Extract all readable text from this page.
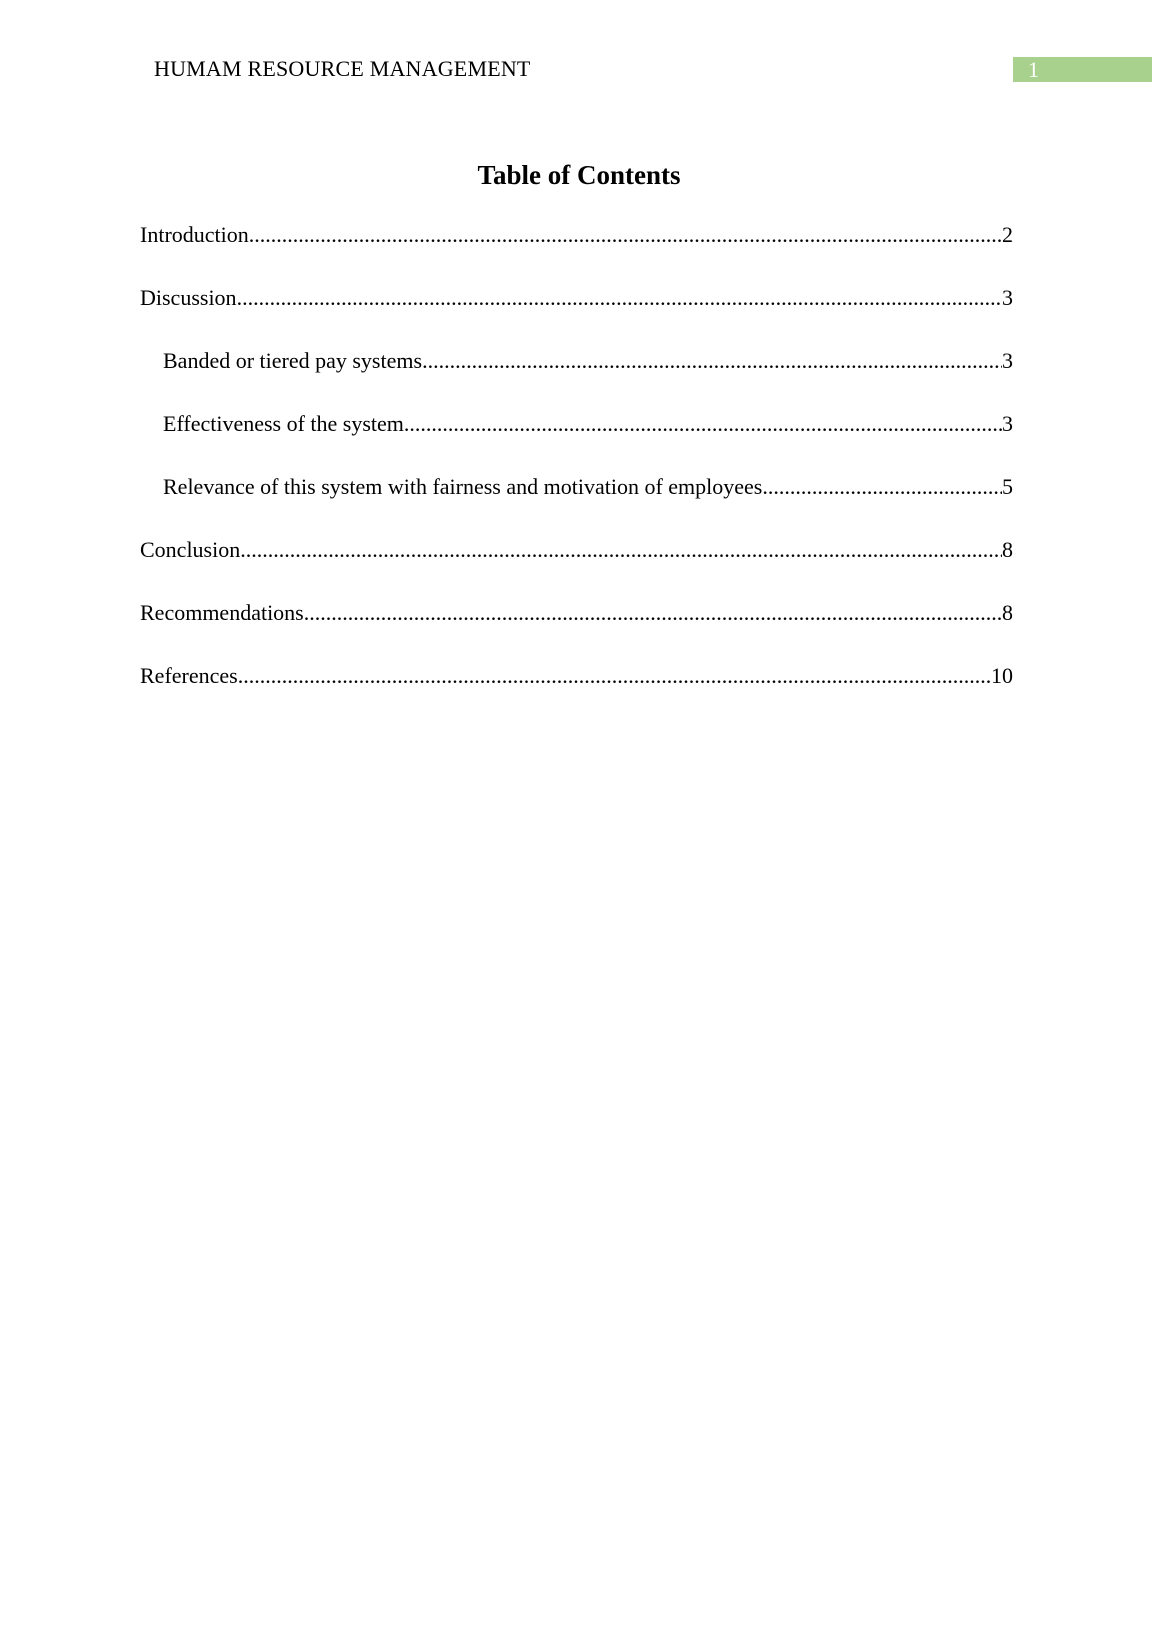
HUMAM RESOURCE MANAGEMENT	1
Table of Contents
Introduction .....	2
Discussion .....	3
Banded or tiered pay systems .....	3
Effectiveness of the system .....	3
Relevance of this system with fairness and motivation of employees .....	5
Conclusion .....	8
Recommendations .....	8
References .....	10
